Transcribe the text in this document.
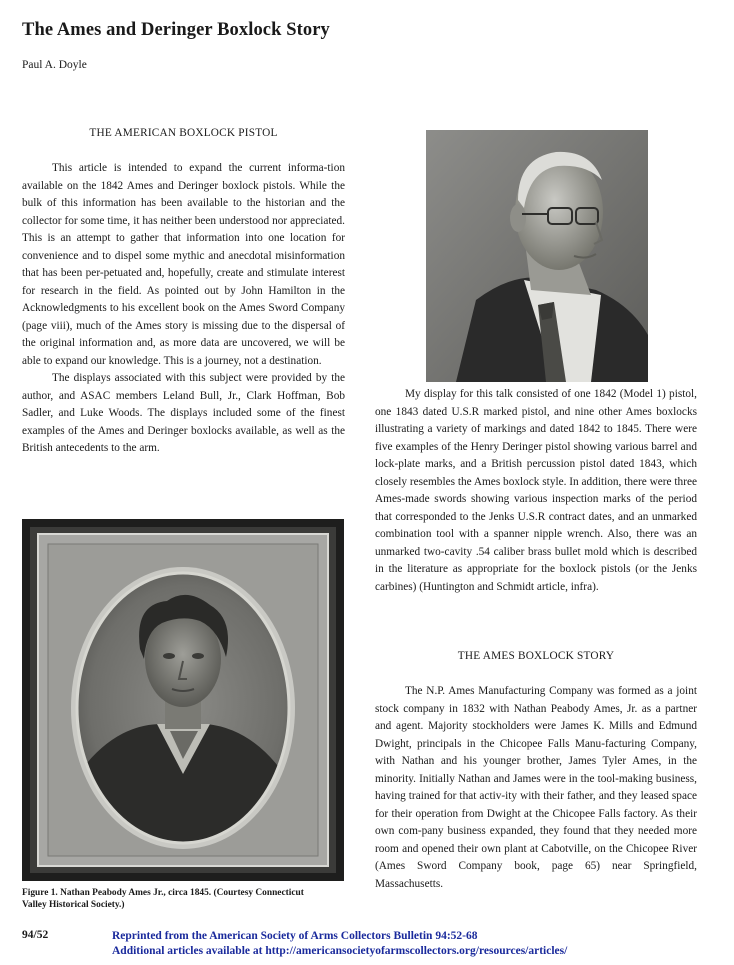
The Ames and Deringer Boxlock Story
Paul A. Doyle
THE AMERICAN BOXLOCK PISTOL

This article is intended to expand the current informa-tion available on the 1842 Ames and Deringer boxlock pistols. While the bulk of this information has been available to the historian and the collector for some time, it has neither been understood nor appreciated. This is an attempt to gather that information into one location for convenience and to dispel some mythic and anecdotal misinformation that has been per-petuated and, hopefully, create and stimulate interest for research in the field. As pointed out by John Hamilton in the Acknowledgments to his excellent book on the Ames Sword Company (page viii), much of the Ames story is missing due to the dispersal of the original information and, as more data are uncovered, we will be able to expand our knowledge. This is a journey, not a destination.

The displays associated with this subject were provided by the author, and ASAC members Leland Bull, Jr., Clark Hoffman, Bob Sadler, and Luke Woods. The displays included some of the finest examples of the Ames and Deringer boxlocks available, as well as the British antecedents to the arm.

Figure 1. Nathan Peabody Ames Jr., circa 1845. (Courtesy Connecticut Valley Historical Society.)

My display for this talk consisted of one 1842 (Model 1) pistol, one 1843 dated U.S.R marked pistol, and nine other Ames boxlocks illustrating a variety of markings and dated 1842 to 1845. There were five examples of the Henry Deringer pistol showing various barrel and lock-plate marks, and a British percussion pistol dated 1843, which closely resembles the Ames boxlock style. In addition, there were three Ames-made swords showing various inspection marks of the period that corresponded to the Jenks U.S.R contract dates, and an unmarked combination tool with a spanner nipple wrench. Also, there was an unmarked two-cavity .54 caliber brass bullet mold which is described in the literature as appropriate for the boxlock pistols (or the Jenks carbines) (Huntington and Schmidt article, infra).

THE AMES BOXLOCK STORY

The N.P. Ames Manufacturing Company was formed as a joint stock company in 1832 with Nathan Peabody Ames, Jr. as a partner and agent. Majority stockholders were James K. Mills and Edmund Dwight, principals in the Chicopee Falls Manu-facturing Company, with Nathan and his younger brother, James Tyler Ames, in the minority. Initially Nathan and James were in the tool-making business, having trained for that activ-ity with their father, and they leased space for their operation from Dwight at the Chicopee Falls factory. As their own com-pany business expanded, they found that they needed more room and opened their own plant at Cabotville, on the Chicopee River (Ames Sword Company book, page 65) near Springfield, Massachusetts.

94/52	Reprinted from the American Society of Arms Collectors Bulletin 94:52-68
Additional articles available at http://americansocietyofarmscollectors.org/resources/articles/
